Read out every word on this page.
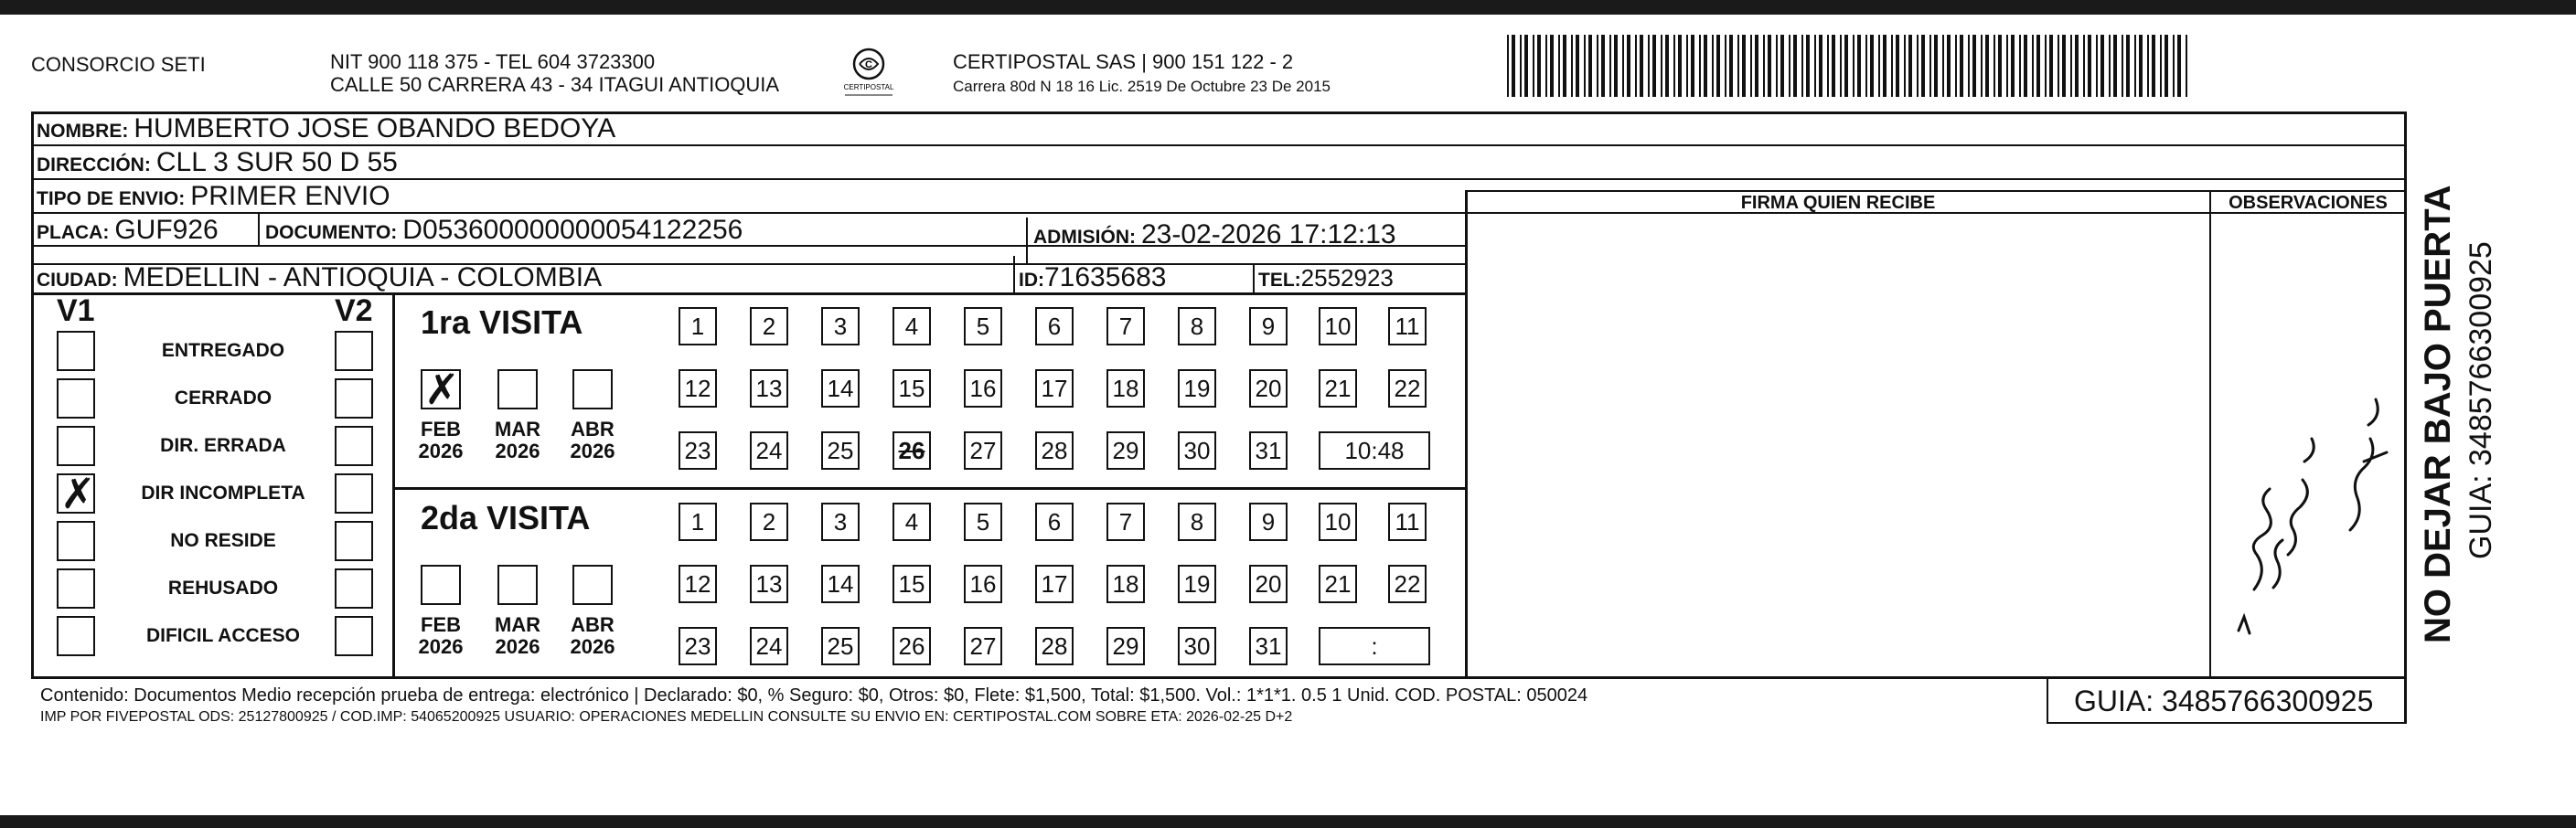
CONSORCIO SETI	NIT 900 118 375 - TEL 604 3723300
CALLE 50 CARRERA 43 - 34 ITAGUI ANTIOQUIA
C
CERTIPOSTAL
CERTIPOSTAL SAS | 900 151 122 - 2
Carrera 80d N 18 16 Lic. 2519 De Octubre 23 De 2015
NOMBRE: HUMBERTO JOSE OBANDO BEDOYA
DIRECCIÓN: CLL 3 SUR 50 D 55
TIPO DE ENVIO: PRIMER ENVIO	FIRMA QUIEN RECIBE	OBSERVACIONES
PLACA: GUF926 DOCUMENTO: D053600000000054122256	ADMISIÓN: 23-02-2026 17:12:13
CIUDAD: MEDELLIN - ANTIOQUIA - COLOMBIA	ID:71635683	TEL:2552923
V1	V2
ENTREGADO
CERRADO
DIR. ERRADA
✗	DIR INCOMPLETA
NO RESIDE
REHUSADO
DIFICIL ACCESO
1ra VISITA
✗
FEB
2026
MAR
2026
ABR
2026
1	2	3	4	5	6	7	8	9	10 11
12 13 14 15 16 17 18 19 20 21 22
23 24 25 26 27 28 29 30 31	10:48
2da VISITA
FEB
2026
MAR
2026
ABR
2026
1	2	3	4	5	6	7	8	9	10 11
12 13 14 15 16 17 18 19 20 21 22
23 24 25 26 27 28 29 30 31	:
Contenido: Documentos Medio recepción prueba de entrega: electrónico | Declarado: $0, % Seguro: $0, Otros: $0, Flete: $1,500, Total: $1,500. Vol.: 1*1*1. 0.5 1 Unid. COD. POSTAL: 050024
IMP POR FIVEPOSTAL ODS: 25127800925 / COD.IMP: 54065200925 USUARIO: OPERACIONES MEDELLIN CONSULTE SU ENVIO EN: CERTIPOSTAL.COM SOBRE ETA: 2026-02-25 D+2	GUIA: 3485766300925
NO DEJAR BAJO PUERTA GUIA: 3485766300925
